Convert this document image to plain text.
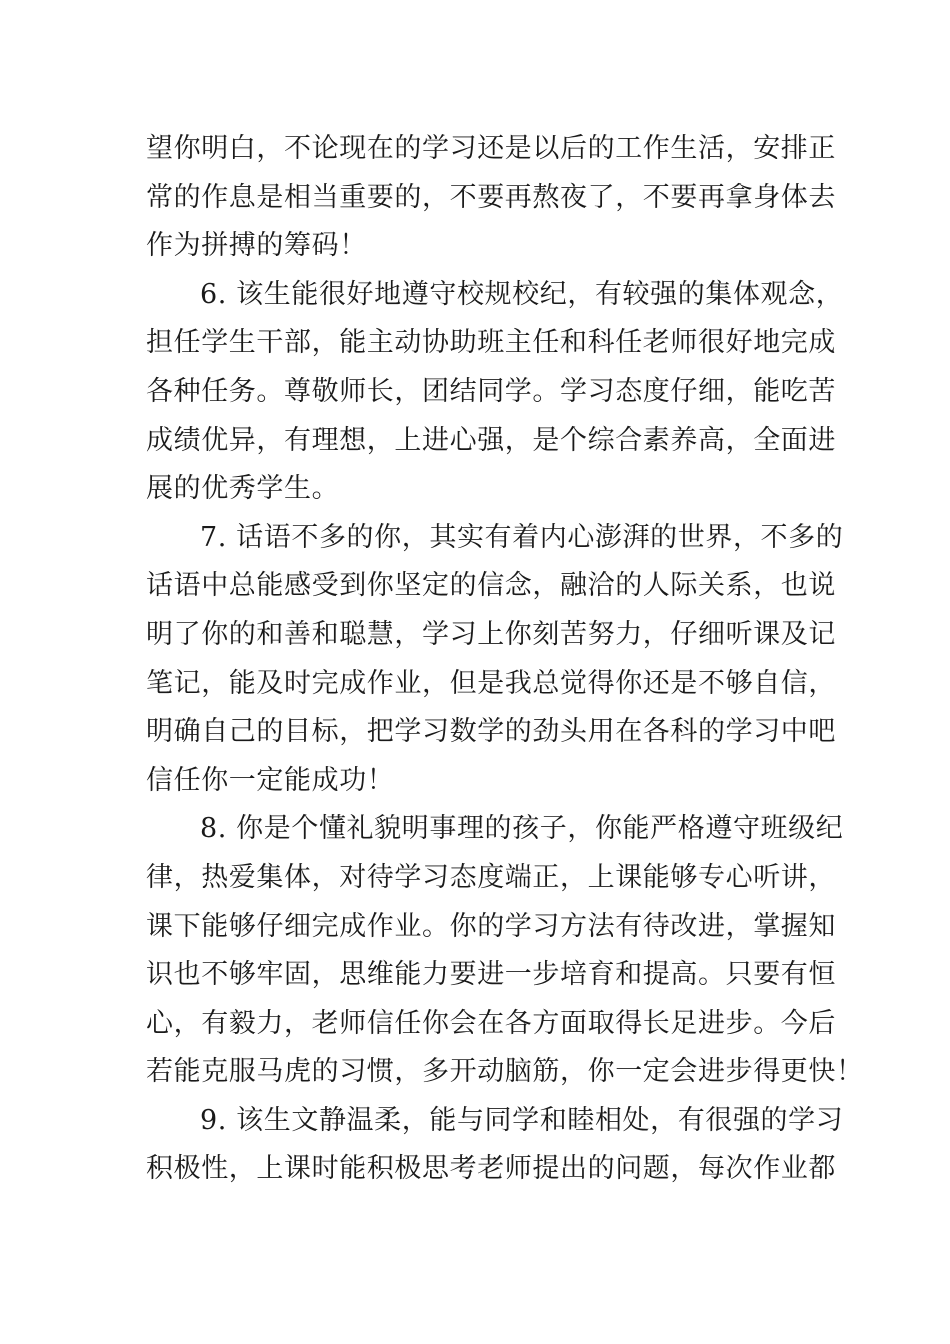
望你明白，不论现在的学习还是以后的工作生活，安排正
常的作息是相当重要的，不要再熬夜了，不要再拿身体去
作为拼搏的筹码！
6. 该生能很好地遵守校规校纪，有较强的集体观念，
担任学生干部，能主动协助班主任和科任老师很好地完成
各种任务。尊敬师长，团结同学。学习态度仔细，能吃苦
成绩优异，有理想，上进心强，是个综合素养高，全面进
展的优秀学生。
7. 话语不多的你，其实有着内心澎湃的世界，不多的
话语中总能感受到你坚定的信念，融洽的人际关系，也说
明了你的和善和聪慧，学习上你刻苦努力，仔细听课及记
笔记，能及时完成作业，但是我总觉得你还是不够自信，
明确自己的目标，把学习数学的劲头用在各科的学习中吧
信任你一定能成功！
8. 你是个懂礼貌明事理的孩子，你能严格遵守班级纪
律，热爱集体，对待学习态度端正，上课能够专心听讲，
课下能够仔细完成作业。你的学习方法有待改进，掌握知
识也不够牢固，思维能力要进一步培育和提高。只要有恒
心，有毅力，老师信任你会在各方面取得长足进步。今后
若能克服马虎的习惯，多开动脑筋，你一定会进步得更快！
9. 该生文静温柔，能与同学和睦相处，有很强的学习
积极性，上课时能积极思考老师提出的问题，每次作业都
